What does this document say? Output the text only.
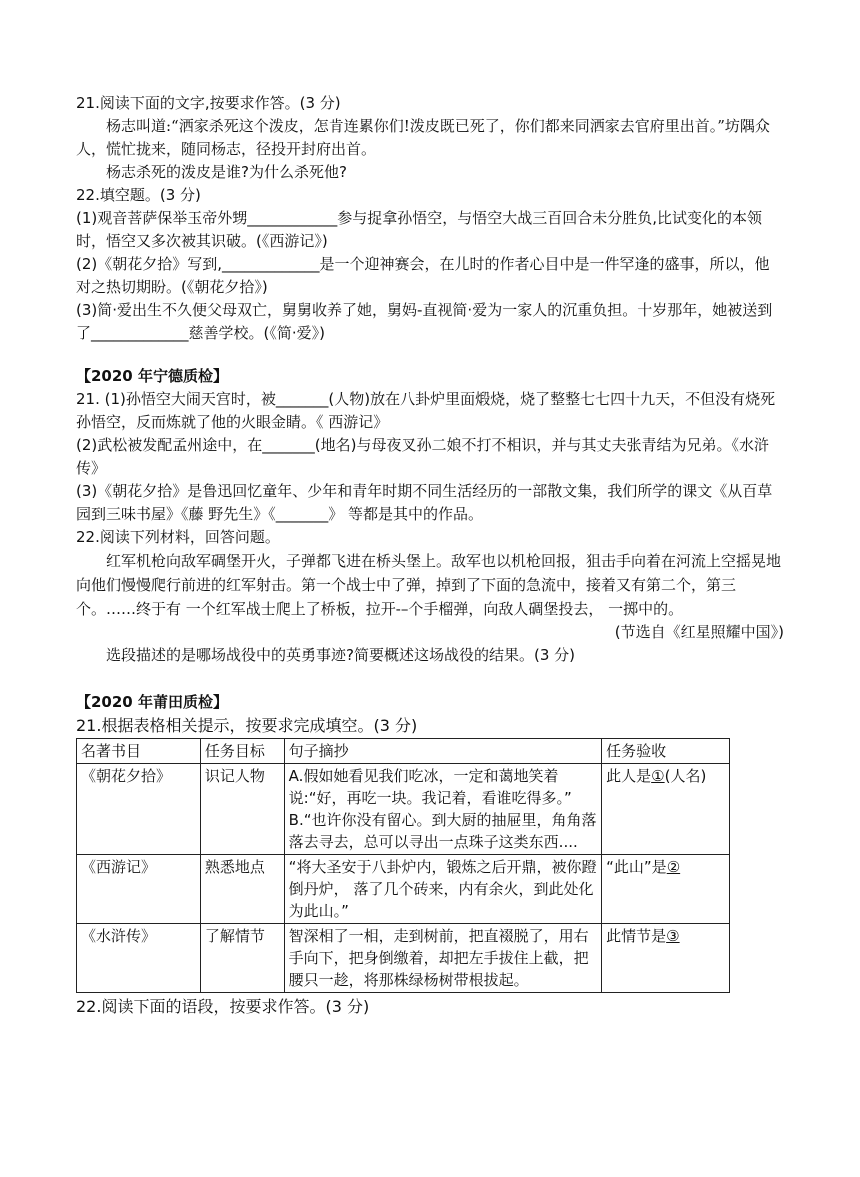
21.阅读下面的文字,按要求作答。(3 分)

杨志叫道:“洒家杀死这个泼皮，怎肯连累你们!泼皮既已死了，你们都来同洒家去官府里出首。”坊隅众人，慌忙拢来，随同杨志，径投开封府出首。

杨志杀死的泼皮是谁?为什么杀死他?

22.填空题。(3 分)

(1)观音菩萨保举玉帝外甥____________参与捉拿孙悟空，与悟空大战三百回合未分胜负,比试变化的本领时，悟空又多次被其识破。(《西游记》)

(2)《朝花夕拾》写到,_____________是一个迎神赛会，在儿时的作者心目中是一件罕逢的盛事，所以，他对之热切期盼。(《朝花夕拾》)

(3)简·爱出生不久便父母双亡，舅舅收养了她，舅妈-直视简·爱为一家人的沉重负担。十岁那年，她被送到了_____________慈善学校。(《简·爱》)

【2020 年宁德质检】

21. (1)孙悟空大闹天宫时，被_______(人物)放在八卦炉里面煅烧，烧了整整七七四十九天，不但没有烧死孙悟空，反而炼就了他的火眼金睛。《 西游记》

(2)武松被发配孟州途中，在_______(地名)与母夜叉孙二娘不打不相识，并与其丈夫张青结为兄弟。《水浒传》

(3)《朝花夕拾》是鲁迅回忆童年、少年和青年时期不同生活经历的一部散文集，我们所学的课文《从百草园到三味书屋》《藤 野先生》《_______》 等都是其中的作品。

22.阅读下列材料，回答问题。

红军机枪向敌军碉堡开火，子弹都飞进在桥头堡上。敌军也以机枪回报，狙击手向着在河流上空摇晃地向他们慢慢爬行前进的红军射击。第一个战士中了弹，掉到了下面的急流中，接着又有第二个，第三个。……终于有 一个红军战士爬上了桥板，拉开-–个手榴弹，向敌人碉堡投去， 一掷中的。

(节选自《红星照耀中国》)

选段描述的是哪场战役中的英勇事迹?简要概述这场战役的结果。(3 分)

【2020 年莆田质检】

21.根据表格相关提示，按要求完成填空。(3 分)

名著书目	任务目标	句子摘抄	任务验收
《朝花夕拾》	识记人物	A.假如她看见我们吃冰，一定和蔼地笑着说:“好，再吃一块。我记着，看谁吃得多。”
B.“也许你没有留心。到大厨的抽屉里，角角落落去寻去，总可以寻出一点珠子这类东西....	此人是①(人名)
《西游记》	熟悉地点	“将大圣安于八卦炉内，锻炼之后开鼎，被你蹬倒丹炉， 落了几个砖来，内有余火，到此处化为此山。”	“此山”是②
《水浒传》	了解情节	智深相了一相，走到树前，把直裰脱了，用右手向下，把身倒缴着，却把左手拔住上截，把腰只一趁，将那株绿杨树带根拔起。	此情节是③

22.阅读下面的语段，按要求作答。(3 分)
